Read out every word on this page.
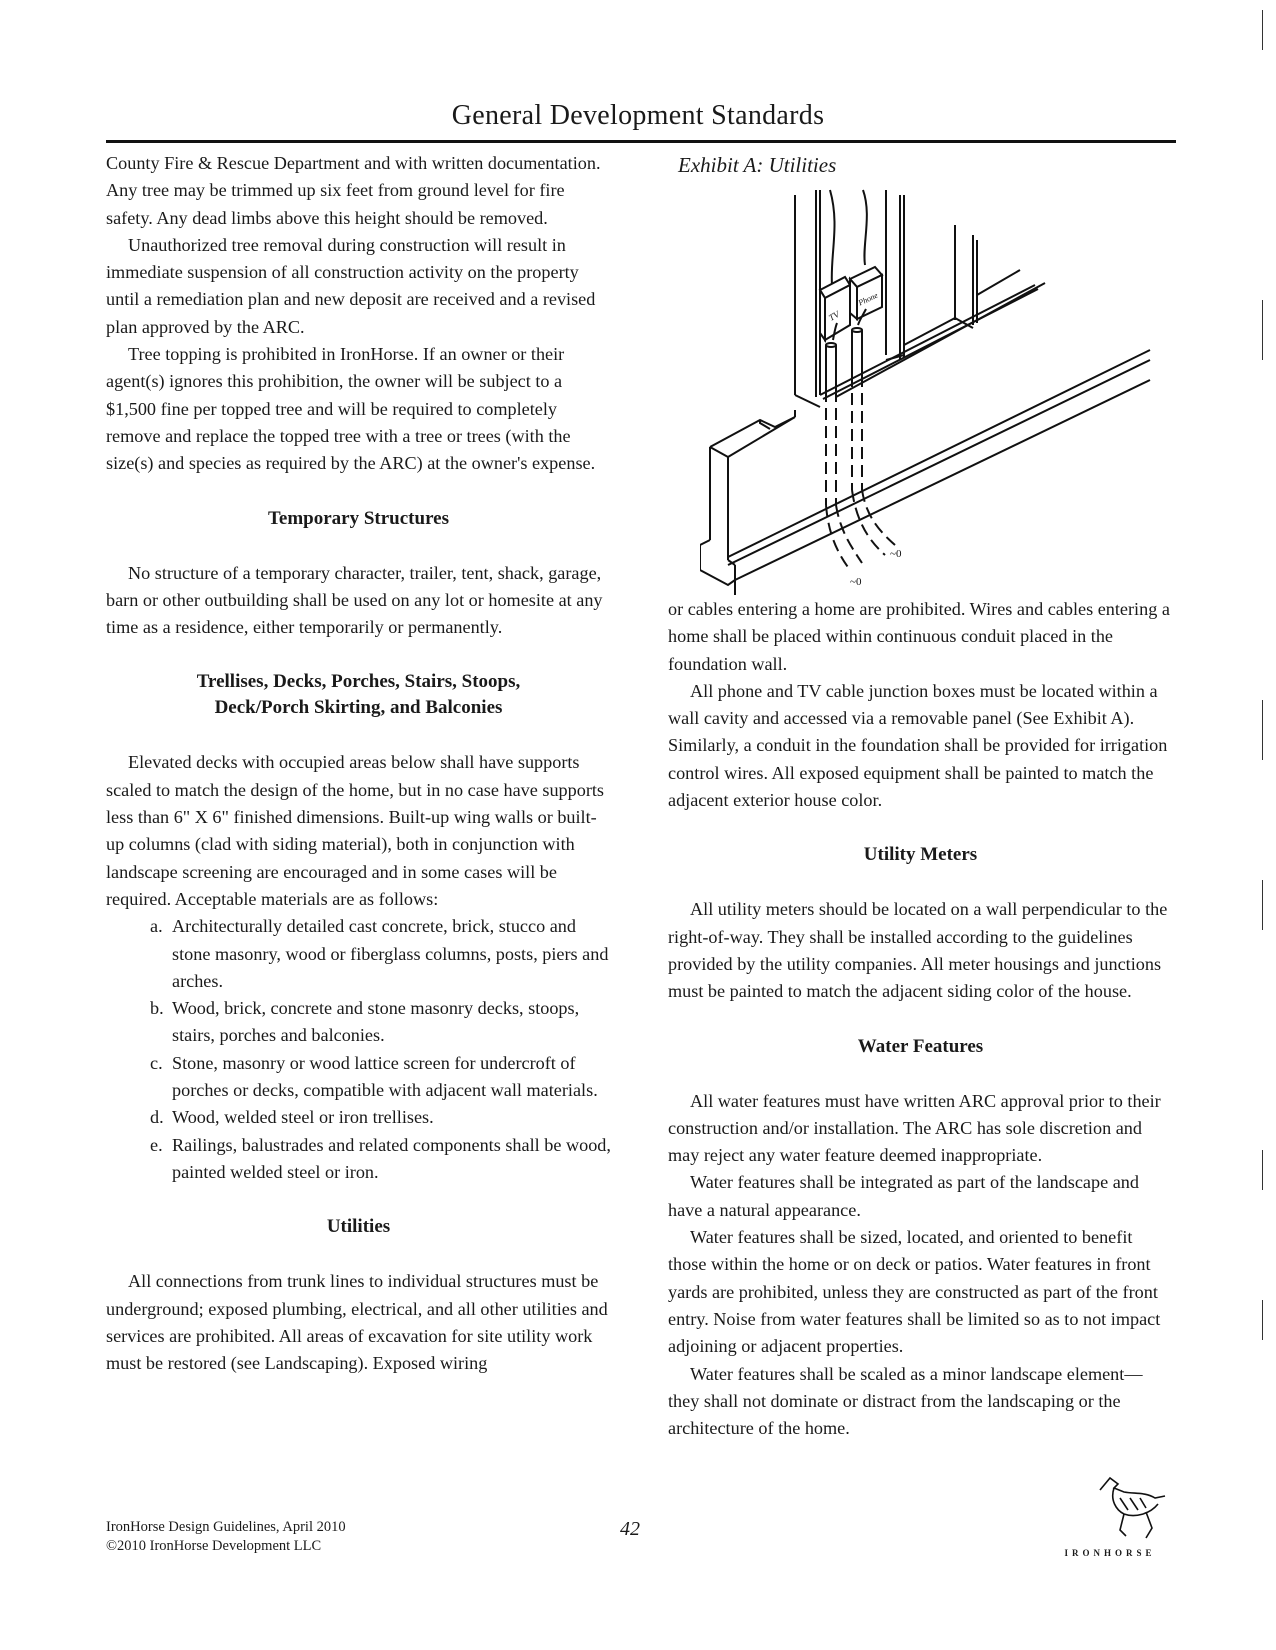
General Development Standards

County Fire & Rescue Department and with written documentation. Any tree may be trimmed up six feet from ground level for fire safety. Any dead limbs above this height should be removed.

Unauthorized tree removal during construction will result in immediate suspension of all construction activity on the property until a remediation plan and new deposit are received and a revised plan approved by the ARC.

Tree topping is prohibited in IronHorse. If an owner or their agent(s) ignores this prohibition, the owner will be subject to a $1,500 fine per topped tree and will be required to completely remove and replace the topped tree with a tree or trees (with the size(s) and species as required by the ARC) at the owner's expense.

Temporary Structures

No structure of a temporary character, trailer, tent, shack, garage, barn or other outbuilding shall be used on any lot or homesite at any time as a residence, either temporarily or permanently.

Trellises, Decks, Porches, Stairs, Stoops,
Deck/Porch Skirting, and Balconies

Elevated decks with occupied areas below shall have supports scaled to match the design of the home, but in no case have supports less than 6" X 6" finished dimensions. Built-up wing walls or built-up columns (clad with siding material), both in conjunction with landscape screening are encouraged and in some cases will be required. Acceptable materials are as follows:

a. Architecturally detailed cast concrete, brick, stucco and stone masonry, wood or fiberglass columns, posts, piers and arches.
b. Wood, brick, concrete and stone masonry decks, stoops, stairs, porches and balconies.
c. Stone, masonry or wood lattice screen for undercroft of porches or decks, compatible with adjacent wall materials.
d. Wood, welded steel or iron trellises.
e. Railings, balustrades and related components shall be wood, painted welded steel or iron.
Utilities

All connections from trunk lines to individual structures must be underground; exposed plumbing, electrical, and all other utilities and services are prohibited. All areas of excavation for site utility work must be restored (see Landscaping). Exposed wiring

Exhibit A: Utilities
TV
Phone
~0
~0

or cables entering a home are prohibited. Wires and cables entering a home shall be placed within continuous conduit placed in the foundation wall.

All phone and TV cable junction boxes must be located within a wall cavity and accessed via a removable panel (See Exhibit A). Similarly, a conduit in the foundation shall be provided for irrigation control wires. All exposed equipment shall be painted to match the adjacent exterior house color.

Utility Meters

All utility meters should be located on a wall perpendicular to the right-of-way. They shall be installed according to the guidelines provided by the utility companies. All meter housings and junctions must be painted to match the adjacent siding color of the house.

Water Features

All water features must have written ARC approval prior to their construction and/or installation. The ARC has sole discretion and may reject any water feature deemed inappropriate.

Water features shall be integrated as part of the landscape and have a natural appearance.

Water features shall be sized, located, and oriented to benefit those within the home or on deck or patios. Water features in front yards are prohibited, unless they are constructed as part of the front entry. Noise from water features shall be limited so as to not impact adjoining or adjacent properties.

Water features shall be scaled as a minor landscape element—they shall not dominate or distract from the landscaping or the architecture of the home.

IronHorse Design Guidelines, April 2010
©2010 IronHorse Development LLC
42
IRONHORSE
